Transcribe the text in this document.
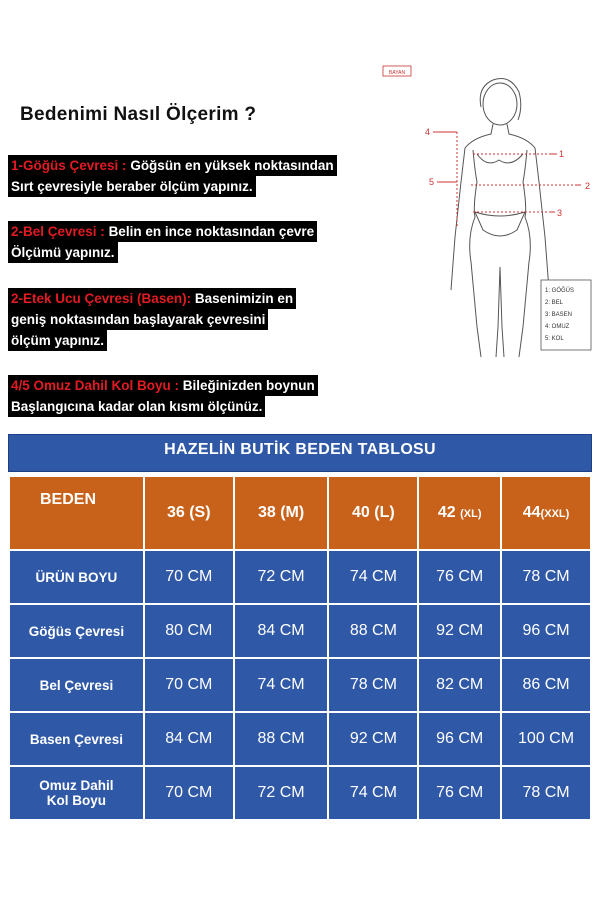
Bedenimi Nasıl Ölçerim ?
1-Göğüs Çevresi : Göğsün en yüksek noktasından
Sırt çevresiyle beraber ölçüm yapınız.
2-Bel Çevresi : Belin en ince noktasından çevre
Ölçümü yapınız.
2-Etek Ucu Çevresi (Basen): Basenimizin en
geniş noktasından başlayarak çevresini
ölçüm yapınız.
4/5 Omuz Dahil Kol Boyu : Bileğinizden boynun
Başlangıcına kadar olan kısmı ölçünüz.
BAYAN
1
2
3
4
5
1: GÖĞÜS
2: BEL
3: BASEN
4: OMUZ
5: KOL
HAZELİN BUTİK BEDEN TABLOSU
BEDEN	36 (S)	38 (M)	40 (L)	42 (XL)	44(XXL)

ÜRÜN BOYU	70 CM	72 CM	74 CM	76 CM	78 CM

Göğüs Çevresi	80 CM	84 CM	88 CM	92 CM	96 CM

Bel Çevresi	70 CM	74 CM	78 CM	82 CM	86 CM

Basen Çevresi	84 CM	88 CM	92 CM	96 CM	100 CM

Omuz Dahil
Kol Boyu	70 CM	72 CM	74 CM	76 CM	78 CM
